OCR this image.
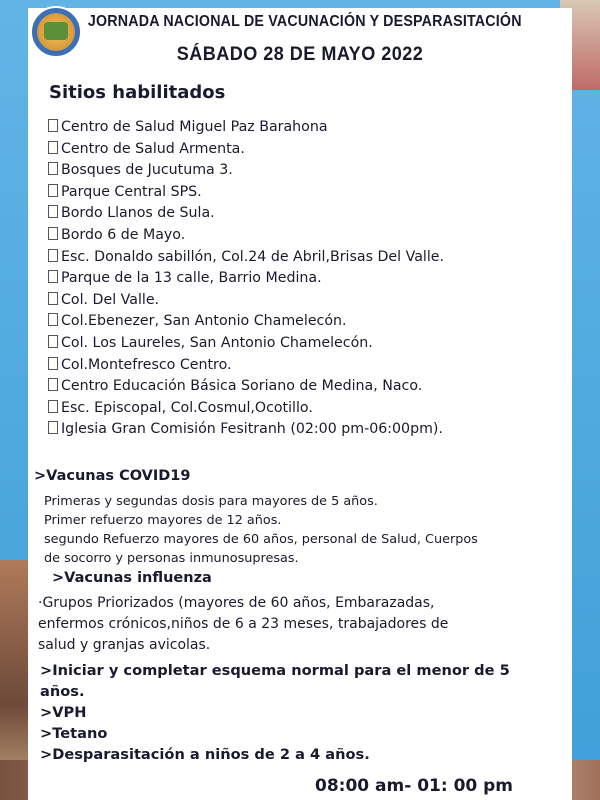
JORNADA NACIONAL DE VACUNACIÓN Y DESPARASITACIÓN
SÁBADO 28 DE MAYO 2022
Sitios habilitados
Centro de Salud Miguel Paz Barahona
Centro de Salud Armenta.
Bosques de Jucutuma 3.
Parque Central SPS.
Bordo Llanos de Sula.
Bordo 6 de Mayo.
Esc. Donaldo sabillón, Col.24 de Abril,Brisas Del Valle.
Parque de la 13 calle, Barrio Medina.
Col. Del Valle.
Col.Ebenezer, San Antonio Chamelecón.
Col. Los Laureles, San Antonio Chamelecón.
Col.Montefresco Centro.
Centro Educación Básica Soriano de Medina, Naco.
Esc. Episcopal, Col.Cosmul,Ocotillo.
Iglesia Gran Comisión Fesitranh (02:00 pm-06:00pm).
>Vacunas COVID19

Primeras y segundas dosis para mayores de 5 años.

Primer refuerzo mayores de 12 años.

segundo Refuerzo mayores de 60 años, personal de Salud, Cuerpos

de socorro y personas inmunosupresas.

>Vacunas influenza

·Grupos Priorizados (mayores de 60 años, Embarazadas,

enfermos crónicos,niños de 6 a 23 meses, trabajadores de

salud y granjas avicolas.

>Iniciar y completar esquema normal para el menor de 5
años.
>VPH
>Tetano
>Desparasitación a niños de 2 a 4 años.
08:00 am- 01: 00 pm
